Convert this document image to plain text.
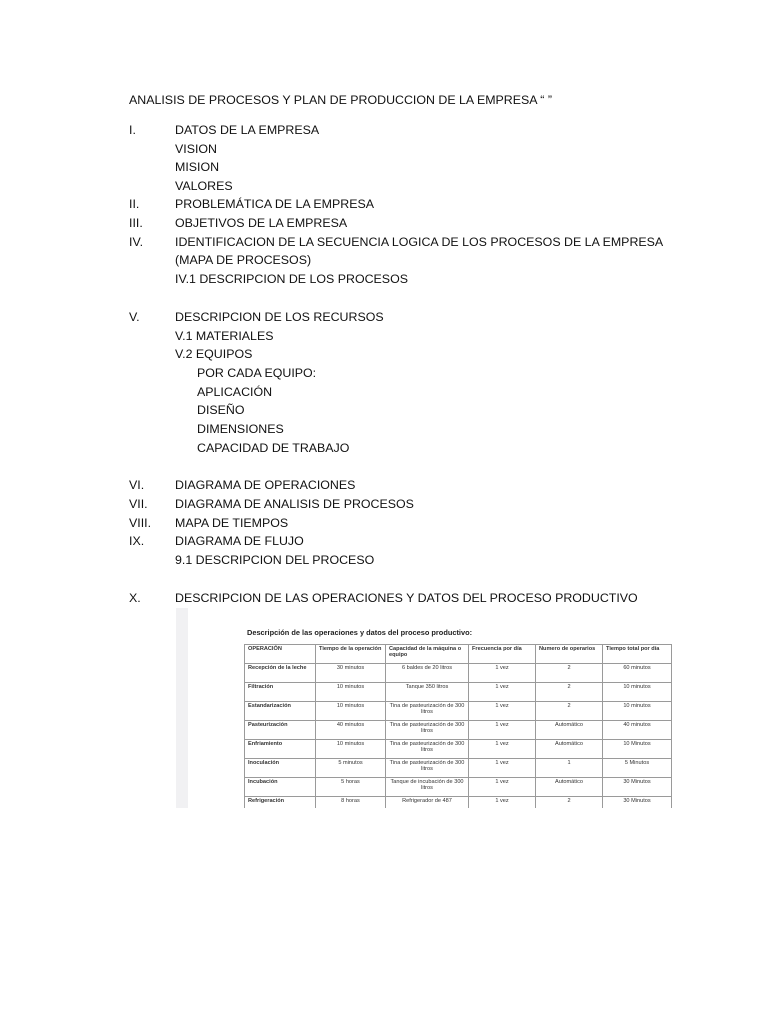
ANALISIS DE PROCESOS Y PLAN DE PRODUCCION DE LA EMPRESA “ ”
I.	DATOS DE LA EMPRESA
VISION
MISION
VALORES
II.	PROBLEMÁTICA DE LA EMPRESA
III.	OBJETIVOS DE LA EMPRESA
IV.	IDENTIFICACION DE LA SECUENCIA LOGICA DE LOS PROCESOS DE LA EMPRESA
(MAPA DE PROCESOS)
IV.1 DESCRIPCION DE LOS PROCESOS
V.	DESCRIPCION DE LOS RECURSOS
V.1 MATERIALES
V.2 EQUIPOS
POR CADA EQUIPO:
APLICACIÓN
DISEÑO
DIMENSIONES
CAPACIDAD DE TRABAJO
VI. DIAGRAMA DE OPERACIONES
VII. DIAGRAMA DE ANALISIS DE PROCESOS
VIII. MAPA DE TIEMPOS
IX. DIAGRAMA DE FLUJO
9.1 DESCRIPCION DEL PROCESO
X.	DESCRIPCION DE LAS OPERACIONES Y DATOS DEL PROCESO PRODUCTIVO
Descripción de las operaciones y datos del proceso productivo:
OPERACIÓN	Tiempo de la operación	Capacidad de la máquina o equipo	Frecuencia por día	Numero de operarios	Tiempo total por día
Recepción de la leche	30 minutos	6 baldes de 20 litros	1 vez	2	60 minutos
Filtración	10 minutos	Tanque 350 litros	1 vez	2	10 minutos
Estandarización	10 minutos	Tina de pasteurización de 300 litros	1 vez	2	10 minutos
Pasteurización	40 minutos	Tina de pasteurización de 300 litros	1 vez	Automático	40 minutos
Enfriamiento	10 minutos	Tina de pasteurización de 300 litros	1 vez	Automático	10 Minutos
Inoculación	5 minutos	Tina de pasteurización de 300 litros	1 vez	1	5 Minutos
Incubación	5 horas	Tanque de incubación de 300 litros	1 vez	Automático	30 Minutos
Refrigeración	8 horas	Refrigerador de 487	1 vez	2	30 Minutos
